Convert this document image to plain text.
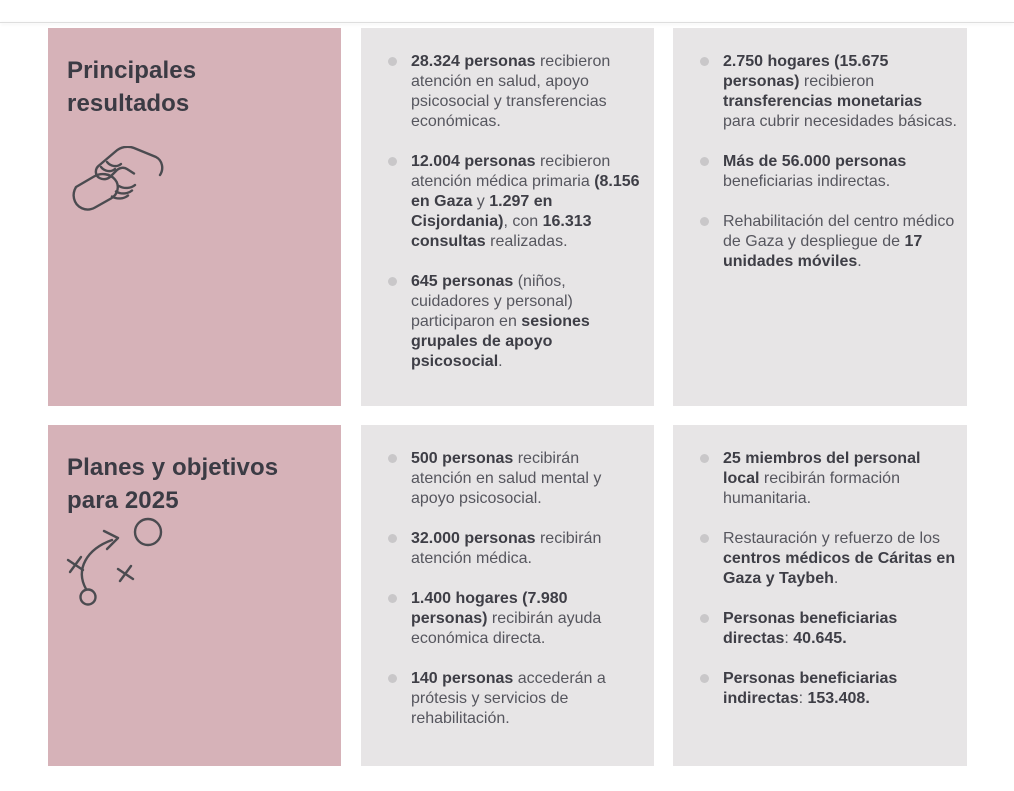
Principales resultados

28.324 personas recibieron atención en salud, apoyo psicosocial y transferencias económicas.

12.004 personas recibieron atención médica primaria (8.156 en Gaza y 1.297 en Cisjordania), con 16.313 consultas realizadas.

645 personas (niños, cuidadores y personal) participaron en sesiones grupales de apoyo psicosocial.

2.750 hogares (15.675 personas) recibieron transferencias monetarias para cubrir necesidades básicas.

Más de 56.000 personas beneficiarias indirectas.

Rehabilitación del centro médico de Gaza y despliegue de 17 unidades móviles.

Planes y objetivos para 2025

500 personas recibirán atención en salud mental y apoyo psicosocial.

32.000 personas recibirán atención médica.

1.400 hogares (7.980 personas) recibirán ayuda económica directa.

140 personas accederán a prótesis y servicios de rehabilitación.

25 miembros del personal local recibirán formación humanitaria.

Restauración y refuerzo de los centros médicos de Cáritas en Gaza y Taybeh.

Personas beneficiarias directas: 40.645.

Personas beneficiarias indirectas: 153.408.
